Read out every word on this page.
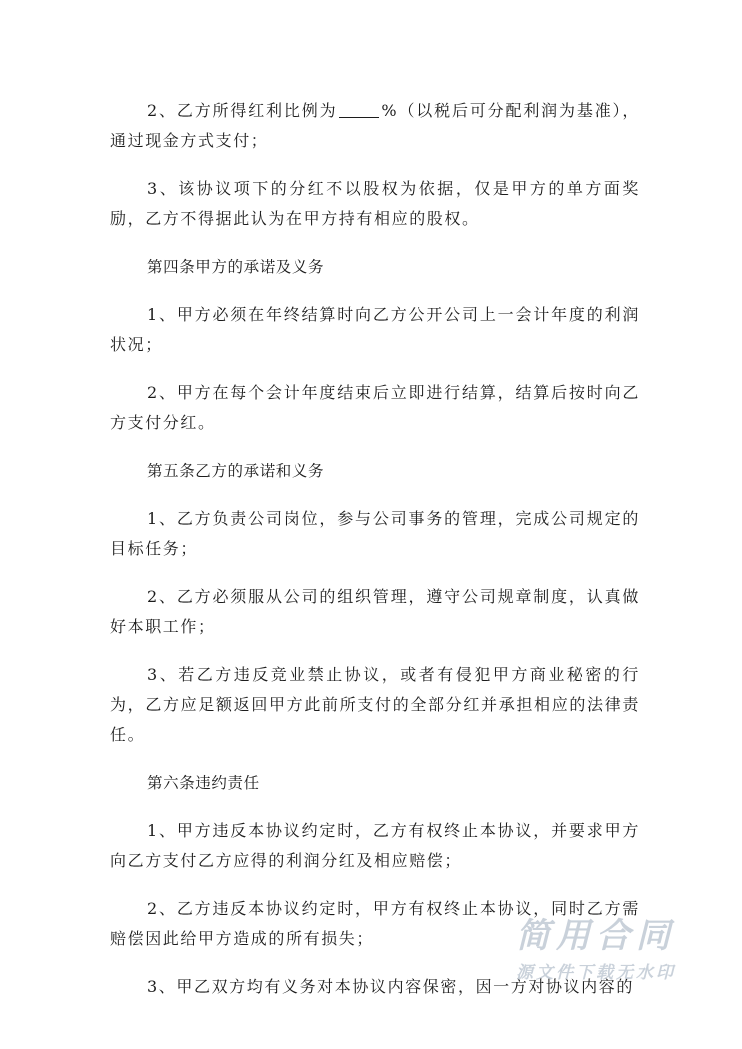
2、乙方所得红利比例为	%（以税后可分配利润为基准），通过现金方式支付；

3、该协议项下的分红不以股权为依据，仅是甲方的单方面奖励，乙方不得据此认为在甲方持有相应的股权。

第四条甲方的承诺及义务

1、甲方必须在年终结算时向乙方公开公司上一会计年度的利润状况；

2、甲方在每个会计年度结束后立即进行结算，结算后按时向乙方支付分红。

第五条乙方的承诺和义务

1、乙方负责公司岗位，参与公司事务的管理，完成公司规定的目标任务；

2、乙方必须服从公司的组织管理，遵守公司规章制度，认真做好本职工作；

3、若乙方违反竞业禁止协议，或者有侵犯甲方商业秘密的行为，乙方应足额返回甲方此前所支付的全部分红并承担相应的法律责任。

第六条违约责任

1、甲方违反本协议约定时，乙方有权终止本协议，并要求甲方向乙方支付乙方应得的利润分红及相应赔偿；

2、乙方违反本协议约定时，甲方有权终止本协议，同时乙方需赔偿因此给甲方造成的所有损失；

3、甲乙双方均有义务对本协议内容保密，因一方对协议内容的

简用合同
源文件下载无水印
